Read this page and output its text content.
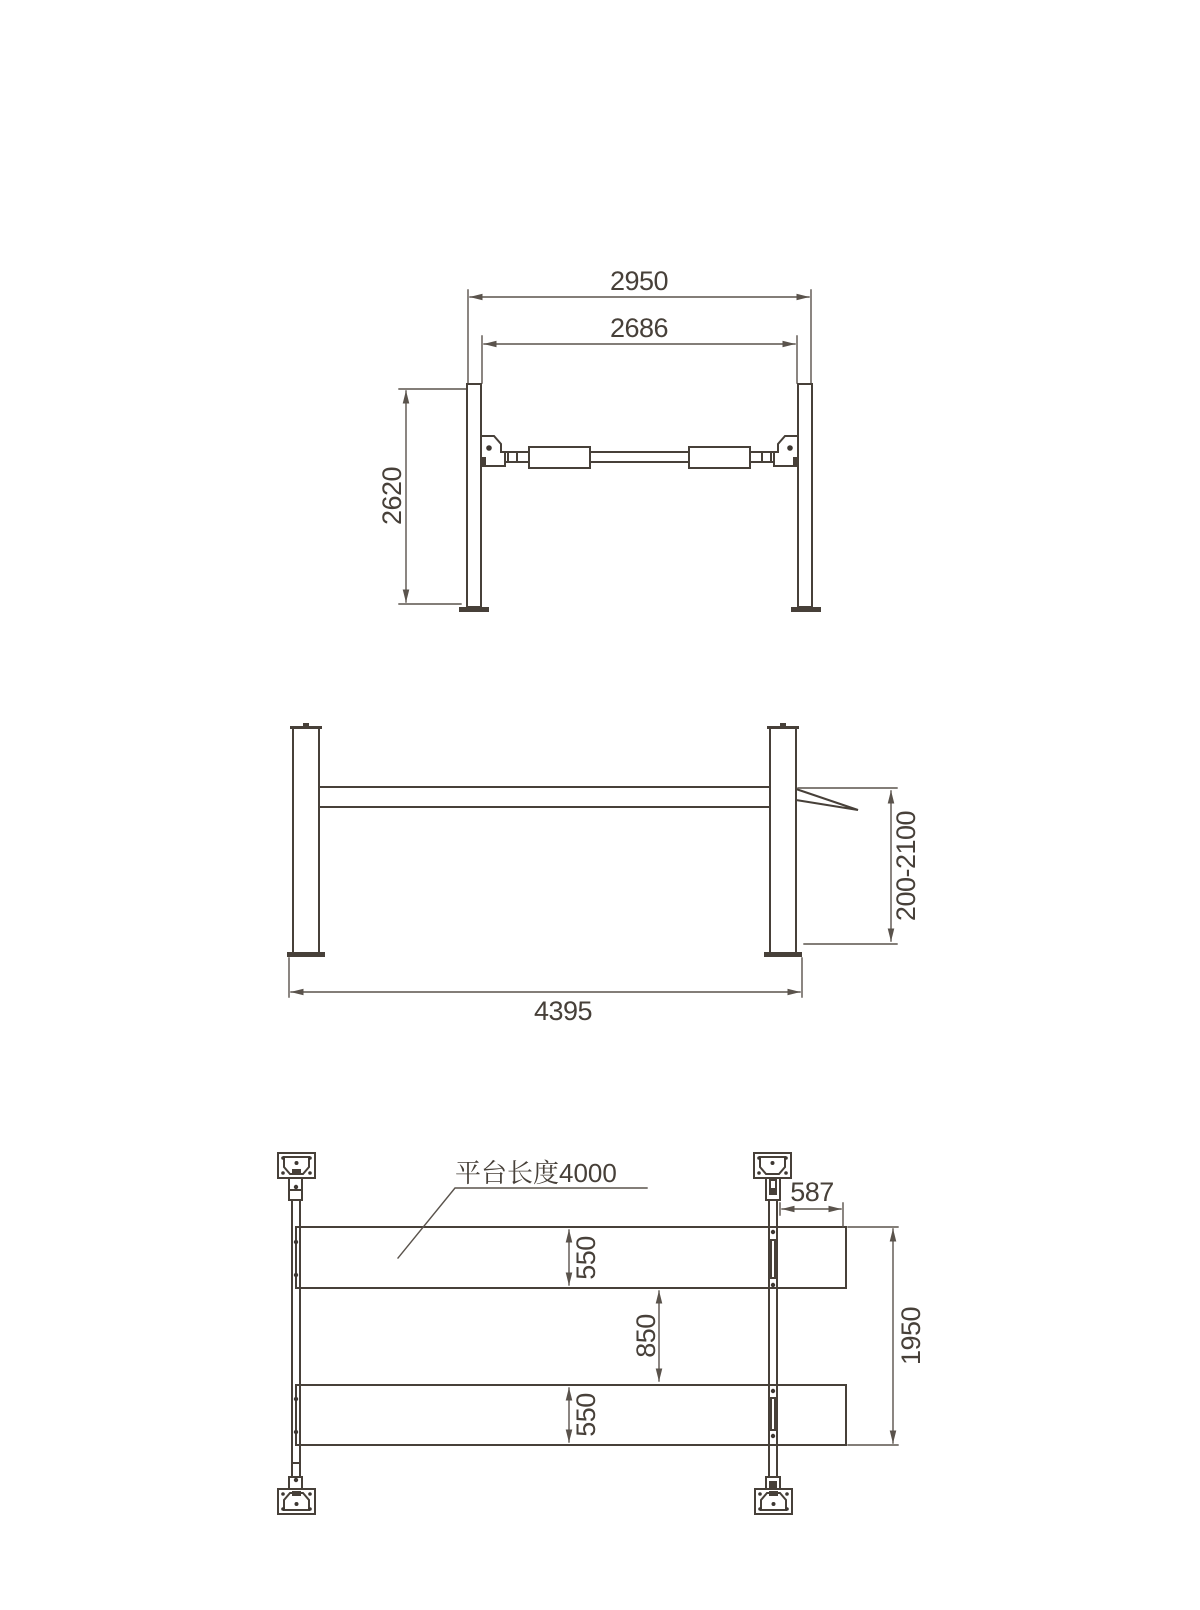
2950
2686
2620
200-2100
4395
平台长度4000
587
550
850
550
1950
